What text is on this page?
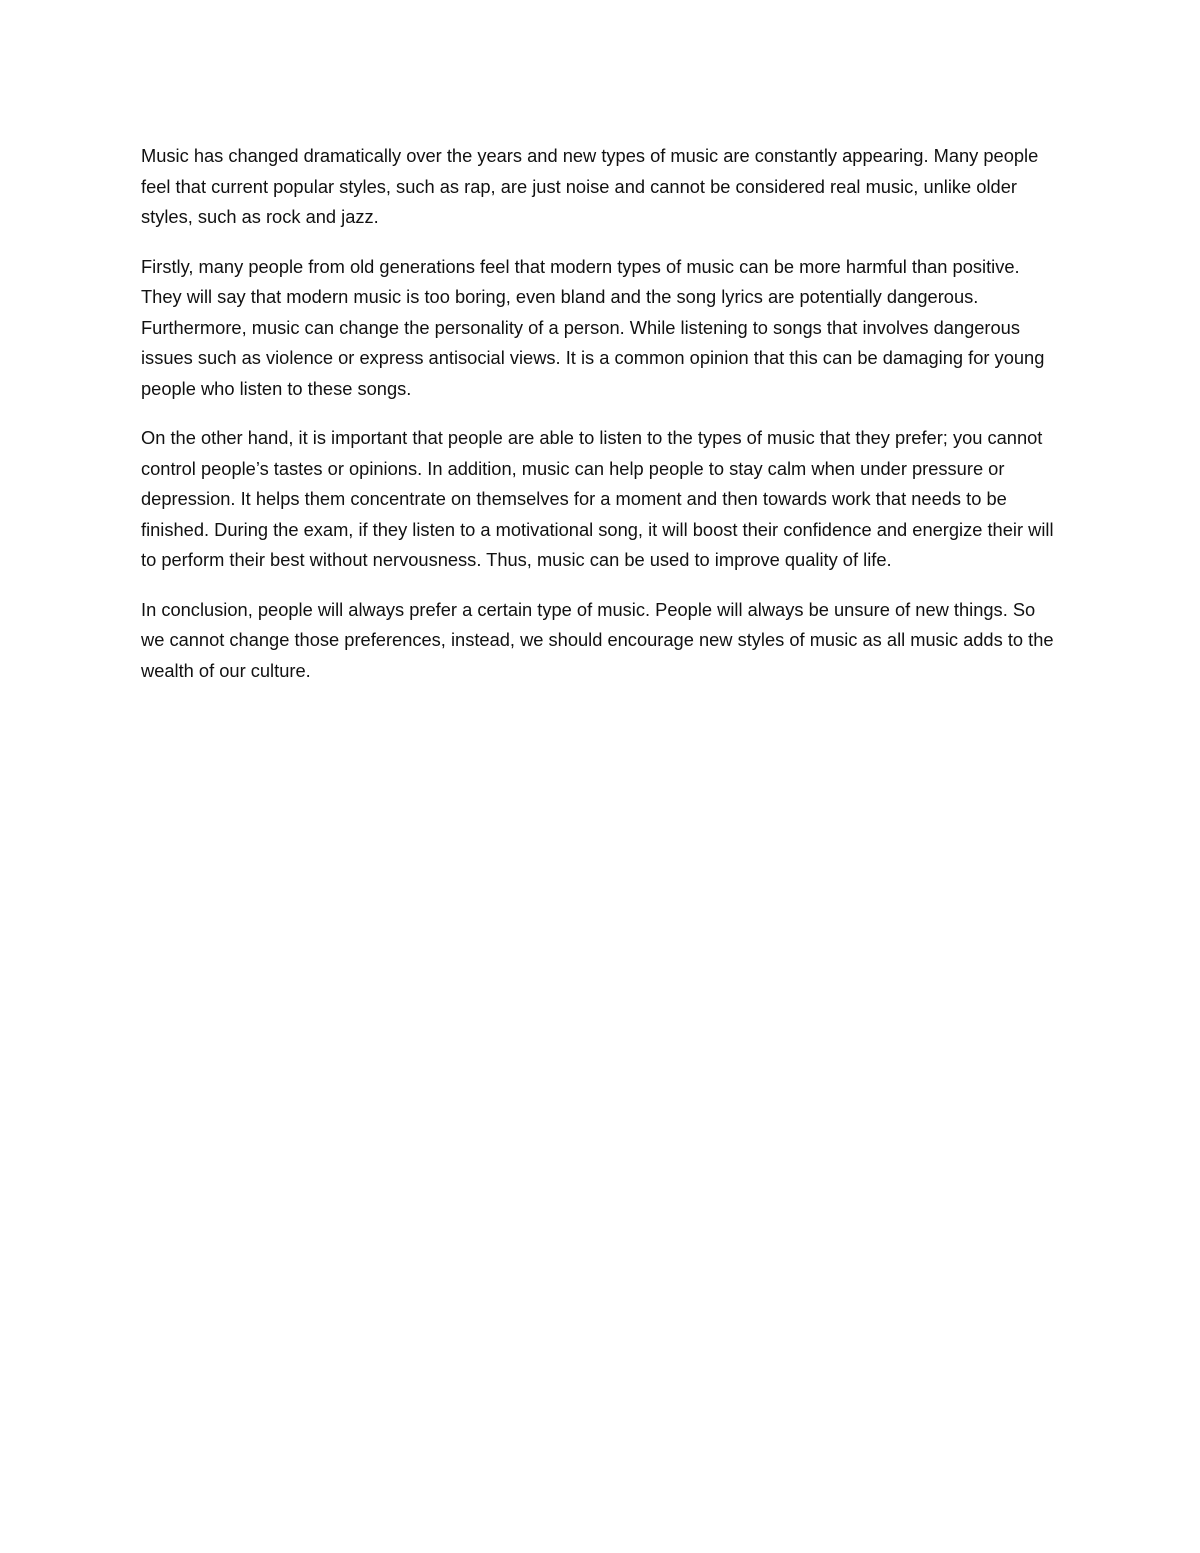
Music has changed dramatically over the years and new types of music are constantly appearing. Many people feel that current popular styles, such as rap, are just noise and cannot be considered real music, unlike older styles, such as rock and jazz.

Firstly, many people from old generations feel that modern types of music can be more harmful than positive. They will say that modern music is too boring, even bland and the song lyrics are potentially dangerous. Furthermore, music can change the personality of a person. While listening to songs that involves dangerous issues such as violence or express antisocial views. It is a common opinion that this can be damaging for young people who listen to these songs.

On the other hand, it is important that people are able to listen to the types of music that they prefer; you cannot control people’s tastes or opinions. In addition, music can help people to stay calm when under pressure or depression. It helps them concentrate on themselves for a moment and then towards work that needs to be finished. During the exam, if they listen to a motivational song, it will boost their confidence and energize their will to perform their best without nervousness. Thus, music can be used to improve quality of life.

In conclusion, people will always prefer a certain type of music. People will always be unsure of new things. So we cannot change those preferences, instead, we should encourage new styles of music as all music adds to the wealth of our culture.
